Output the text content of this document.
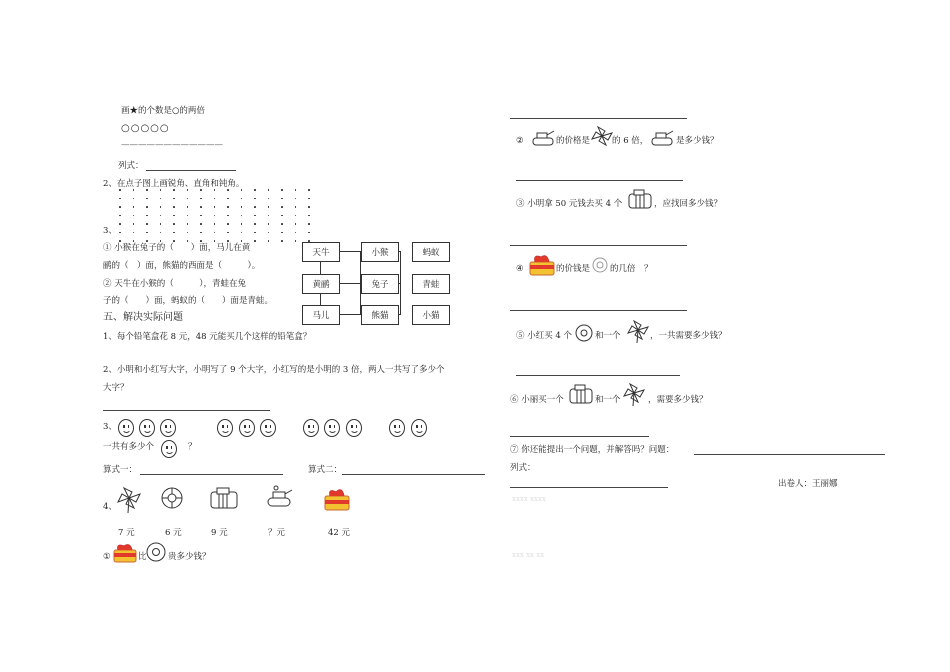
画★的个数是○的两倍
○○○○○
————————————
列式：
2、在点子图上画锐角、直角和钝角。
3、
① 小猴在兔子的（　　）面，马儿在黄
鹂的（　）面，熊猫的西面是（　　　）。
② 天牛在小猴的（　　　），青蛙在兔
子的（　　）面，蚂蚁的（　　）面是青蛙。
天牛	小猴	蚂蚁
黄鹂	兔子	青蛙
马儿	熊猫	小猫
五、解决实际问题
1、每个铅笔盒花 8 元，48 元能买几个这样的铅笔盒？
2、小明和小红写大字，小明写了 9 个大字，小红写的是小明的 3 倍，两人一共写了多少个
大字？
3、
一共有多少个	？
算式一：	算式二：
4、
7 元	6 元	9 元	？元	42 元
①	比	贵多少钱？
②	的价格是	的 6 倍，	是多少钱？
③ 小明拿 50 元钱去买 4 个	，应找回多少钱？
④	的价钱是 的几倍　？
⑤ 小红买 4 个	和一个	，一共需要多少钱？
⑥ 小丽买一个	和一个	，需要多少钱？
⑦ 你还能提出一个问题，并解答吗？问题：
列式：
出卷人：王丽娜
xxxx xxxx
xxx xx xx
